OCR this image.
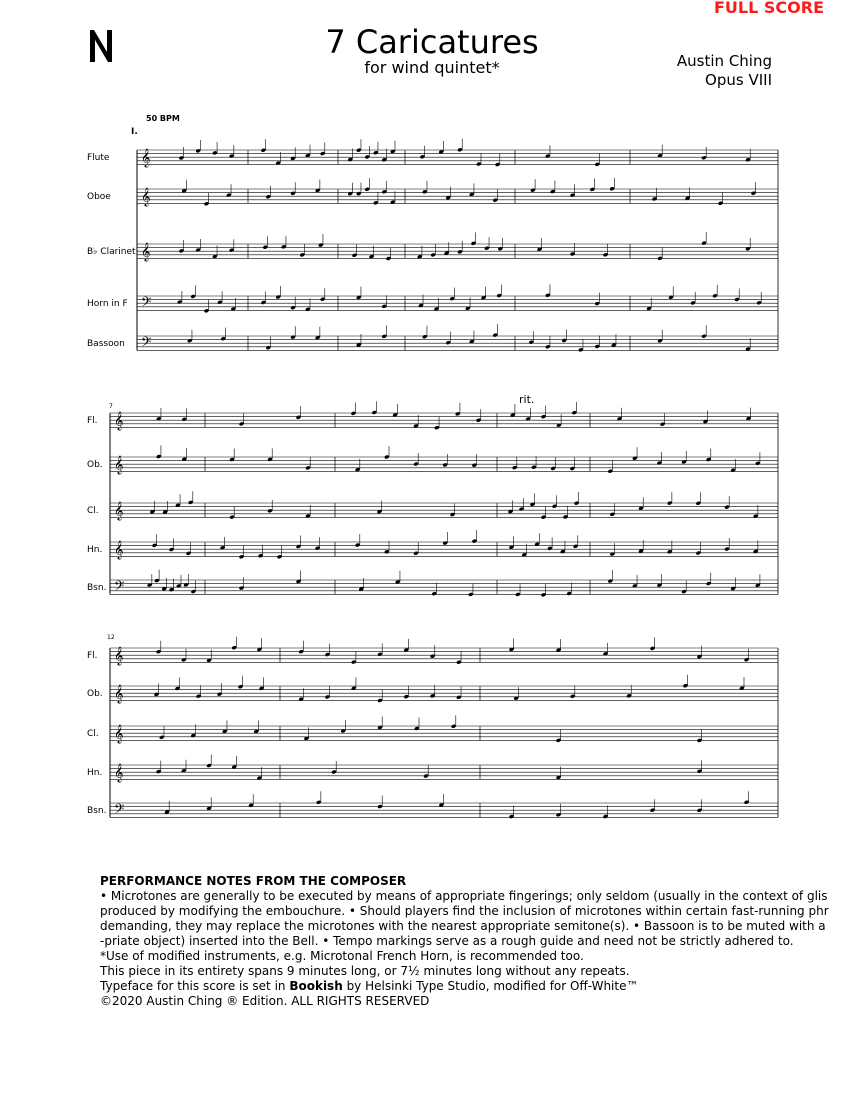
FULL SCORE
7 Caricatures
for wind quintet*	Austin Ching
Opus VIII
50 BPM
I.
rit.
Flute
Oboe
B♭ Clarinet
Horn in F
Bassoon
7
Fl.
Ob.
Cl.
Hn.
Bsn.
12
Fl.
Ob.
Cl.
Hn.
Bsn.
𝄞
𝄞
𝄞
𝄢
𝄢
𝄞
𝄞
𝄞
𝄞
𝄢
𝄞
𝄞
𝄞
𝄞
𝄢
PERFORMANCE NOTES FROM THE COMPOSER
• Microtones are generally to be executed by means of appropriate fingerings; only seldom (usually in the context of glis
produced by modifying the embouchure. • Should players find the inclusion of microtones within certain fast-running phr
demanding, they may replace the microtones with the nearest appropriate semitone(s). • Bassoon is to be muted with a
-priate object) inserted into the Bell. • Tempo markings serve as a rough guide and need not be strictly adhered to.
*Use of modified instruments, e.g. Microtonal French Horn, is recommended too.
This piece in its entirety spans 9 minutes long, or 7½ minutes long without any repeats.
Typeface for this score is set in Bookish by Helsinki Type Studio, modified for Off-White™
©2020 Austin Ching ® Edition. ALL RIGHTS RESERVED
